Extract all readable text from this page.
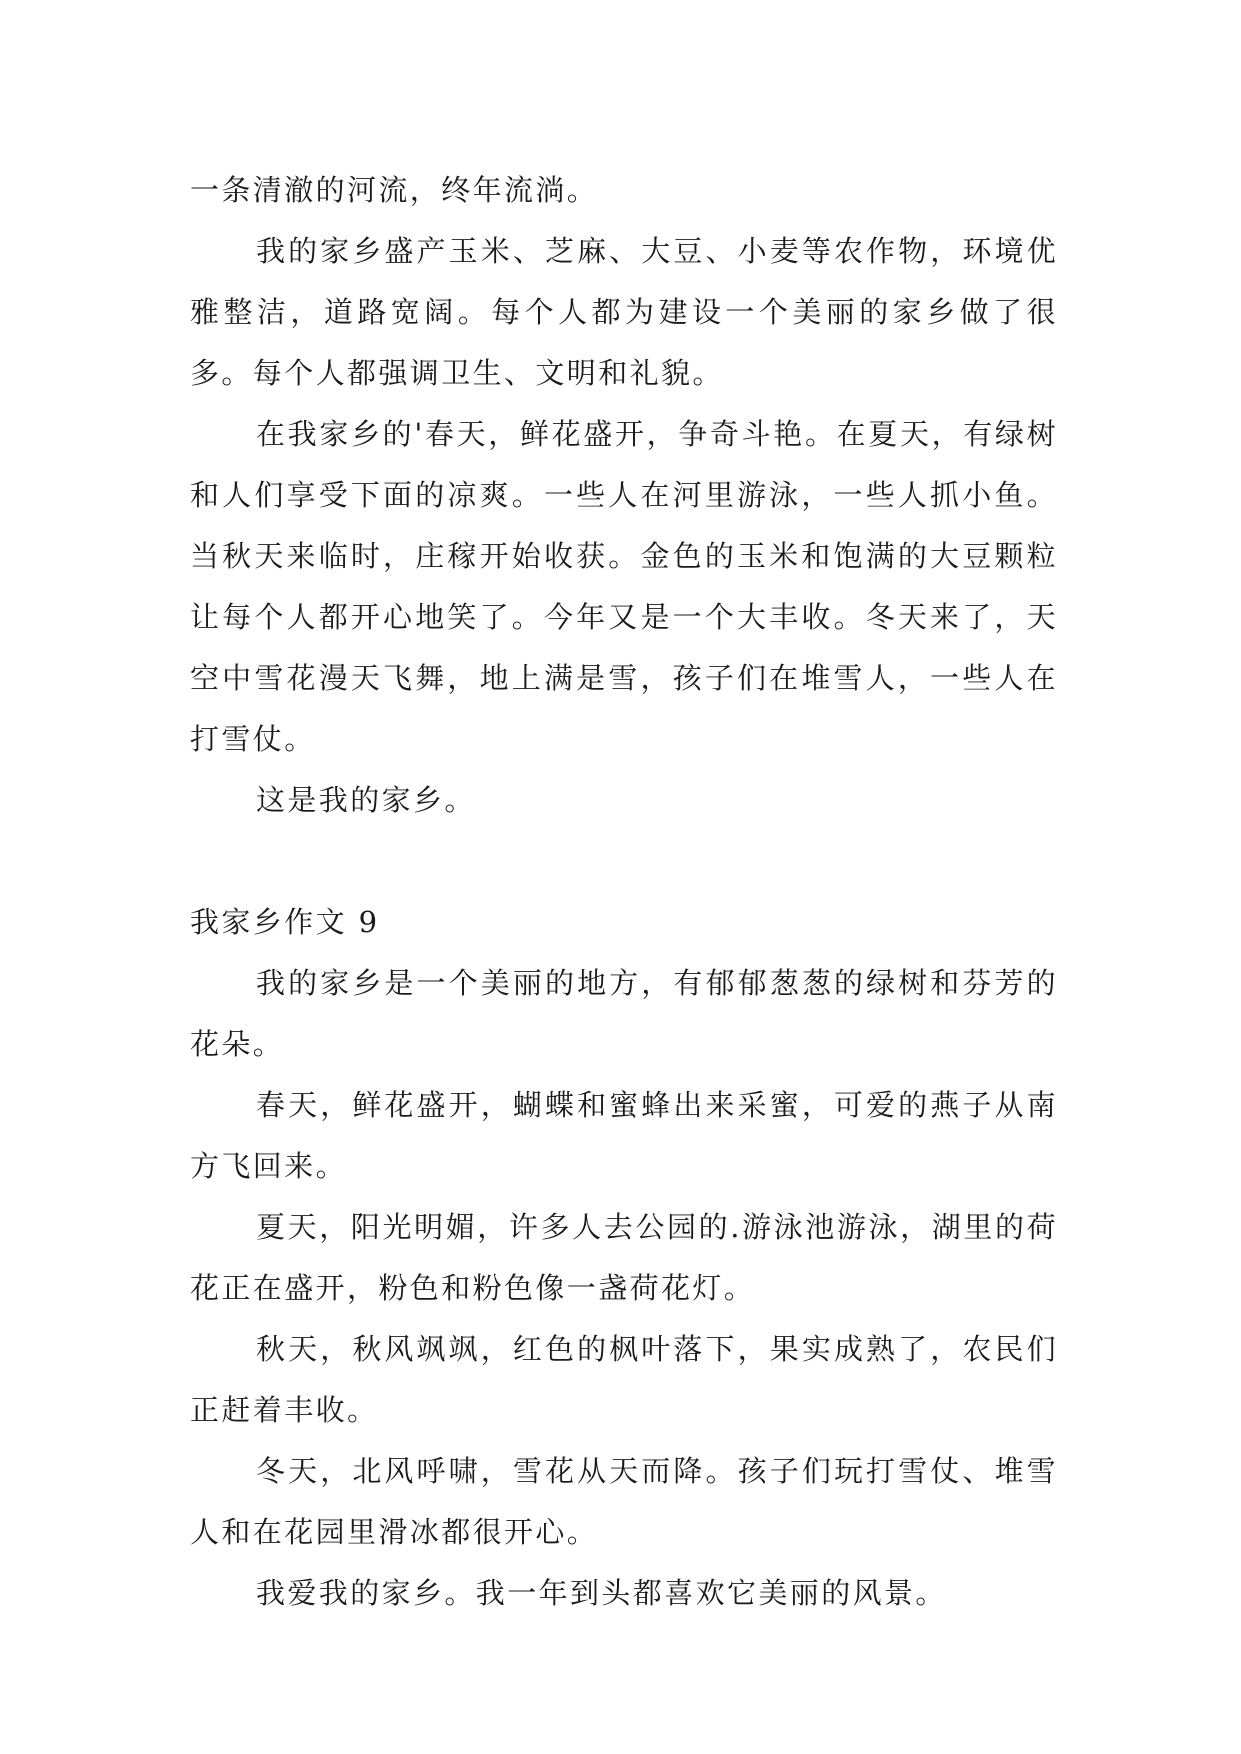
一条清澈的河流，终年流淌。

我的家乡盛产玉米、芝麻、大豆、小麦等农作物，环境优雅整洁，道路宽阔。每个人都为建设一个美丽的家乡做了很多。每个人都强调卫生、文明和礼貌。

在我家乡的'春天，鲜花盛开，争奇斗艳。在夏天，有绿树和人们享受下面的凉爽。一些人在河里游泳，一些人抓小鱼。当秋天来临时，庄稼开始收获。金色的玉米和饱满的大豆颗粒让每个人都开心地笑了。今年又是一个大丰收。冬天来了，天空中雪花漫天飞舞，地上满是雪，孩子们在堆雪人，一些人在打雪仗。

这是我的家乡。

我家乡作文 9

我的家乡是一个美丽的地方，有郁郁葱葱的绿树和芬芳的花朵。

春天，鲜花盛开，蝴蝶和蜜蜂出来采蜜，可爱的燕子从南方飞回来。

夏天，阳光明媚，许多人去公园的.游泳池游泳，湖里的荷花正在盛开，粉色和粉色像一盏荷花灯。

秋天，秋风飒飒，红色的枫叶落下，果实成熟了，农民们正赶着丰收。

冬天，北风呼啸，雪花从天而降。孩子们玩打雪仗、堆雪人和在花园里滑冰都很开心。

我爱我的家乡。我一年到头都喜欢它美丽的风景。
